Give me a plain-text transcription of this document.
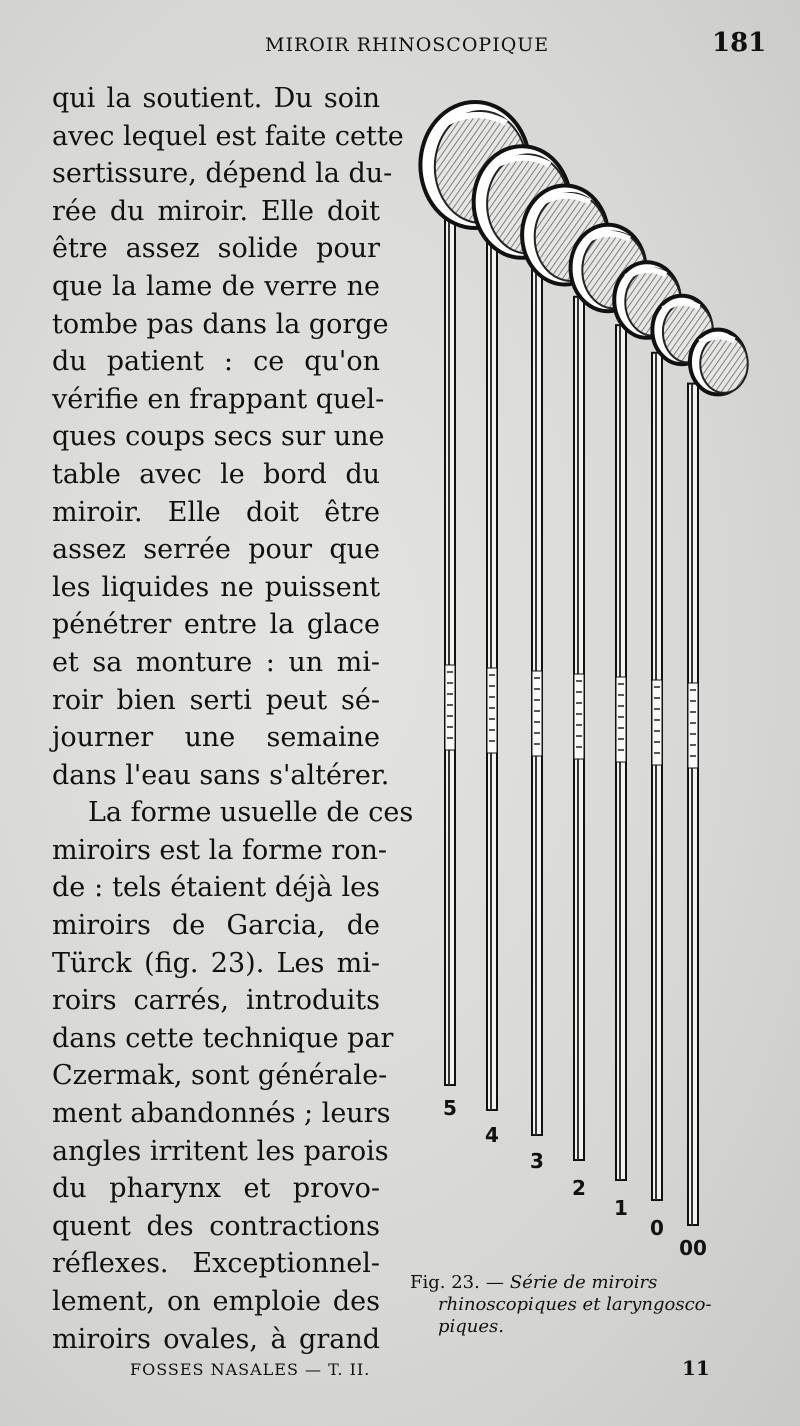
MIROIR RHINOSCOPIQUE	181
qui la soutient. Du soin
avec lequel est faite cette
sertissure, dépend la du-
rée du miroir. Elle doit
être assez solide pour
que la lame de verre ne
tombe pas dans la gorge
du patient : ce qu'on
vérifie en frappant quel-
ques coups secs sur une
table avec le bord du
miroir. Elle doit être
assez serrée pour que
les liquides ne puissent
pénétrer entre la glace
et sa monture : un mi-
roir bien serti peut sé-
journer une semaine
dans l'eau sans s'altérer.
La forme usuelle de ces
miroirs est la forme ron-
de : tels étaient déjà les
miroirs de Garcia, de
Türck (fig. 23). Les mi-
roirs carrés, introduits
dans cette technique par
Czermak, sont générale-
ment abandonnés ; leurs
angles irritent les parois
du pharynx et provo-
quent des contractions
réflexes. Exceptionnel-
lement, on emploie des
miroirs ovales, à grand
5
4
3
2
1
0
00
Fig. 23. — Série de miroirs
rhinoscopiques et laryngosco-
piques.
FOSSES NASALES — T. II.	11
